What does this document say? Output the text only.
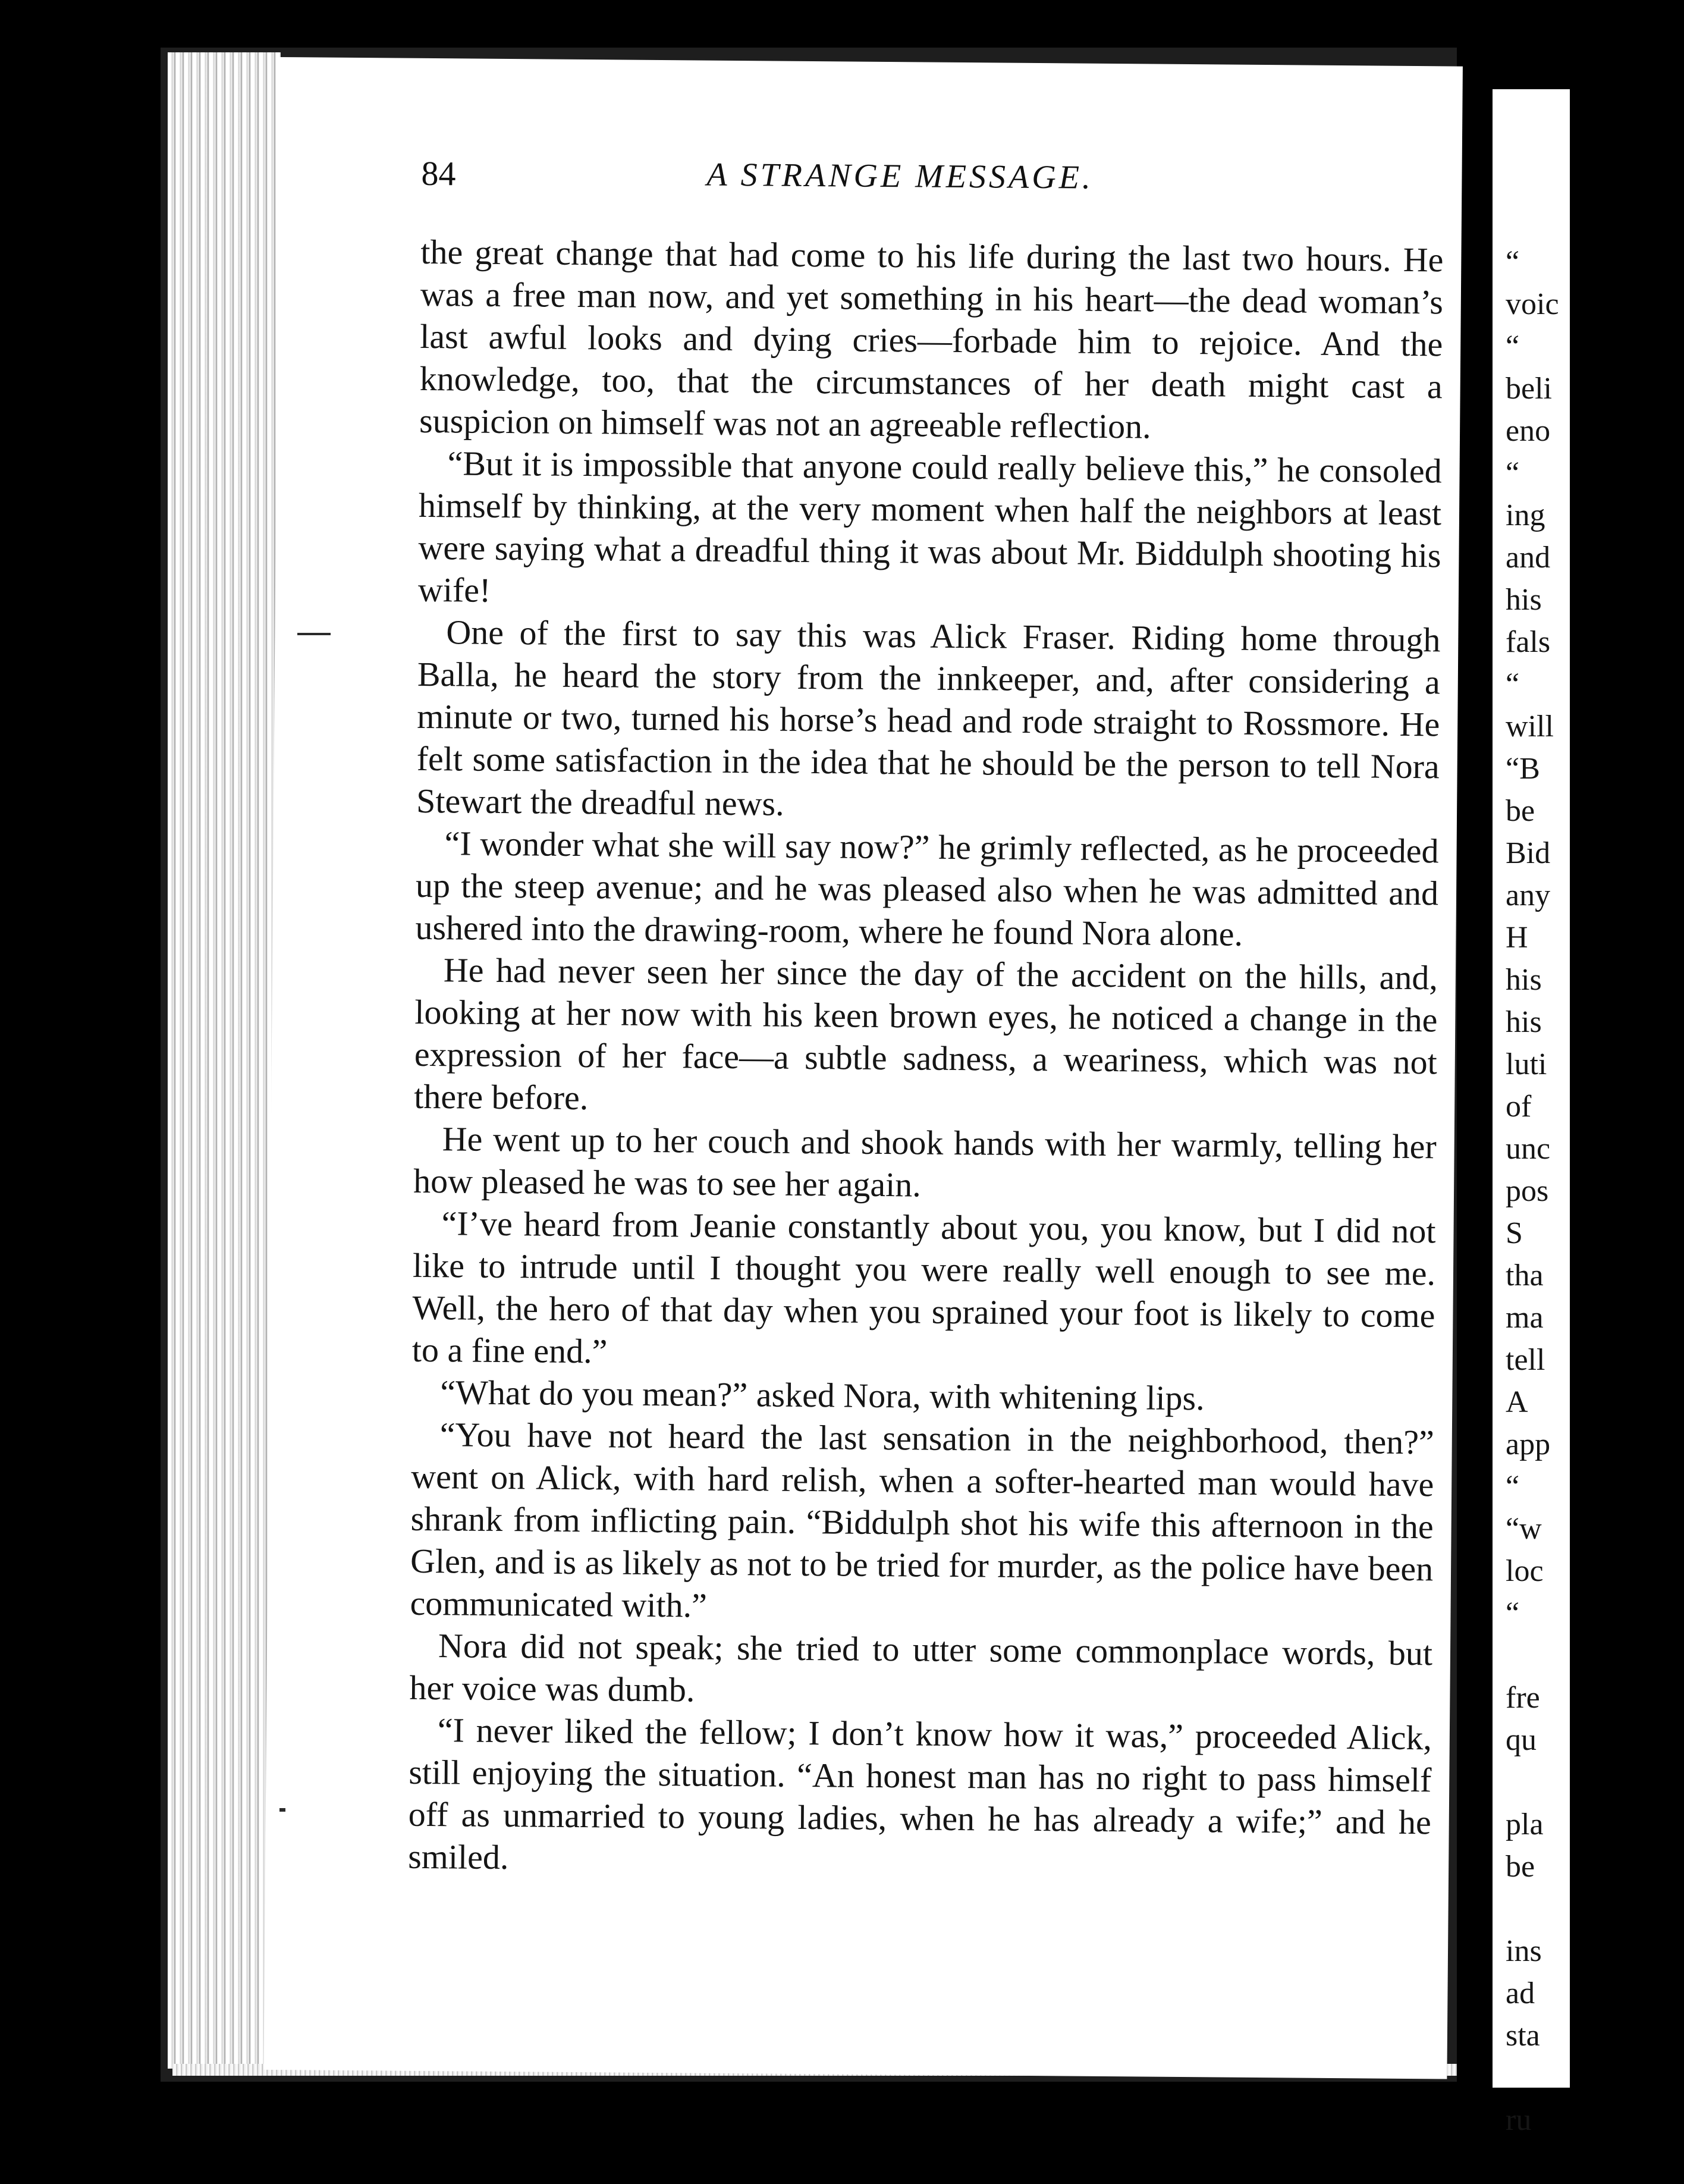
84	A STRANGE MESSAGE.

the great change that had come to his life during the last two hours. He was a free man now, and yet something in his heart—the dead woman’s last awful looks and dying cries—forbade him to rejoice. And the knowledge, too, that the circumstances of her death might cast a suspicion on himself was not an agreeable reflection.

“But it is impossible that anyone could really believe this,” he consoled himself by thinking, at the very moment when half the neighbors at least were saying what a dreadful thing it was about Mr. Biddulph shooting his wife!

One of the first to say this was Alick Fraser. Riding home through Balla, he heard the story from the innkeeper, and, after considering a minute or two, turned his horse’s head and rode straight to Rossmore. He felt some satisfaction in the idea that he should be the person to tell Nora Stewart the dreadful news.

“I wonder what she will say now?” he grimly reflected, as he proceeded up the steep avenue; and he was pleased also when he was admitted and ushered into the drawing-room, where he found Nora alone.

He had never seen her since the day of the accident on the hills, and, looking at her now with his keen brown eyes, he noticed a change in the expression of her face—a subtle sadness, a weariness, which was not there before.

He went up to her couch and shook hands with her warmly, telling her how pleased he was to see her again.

“I’ve heard from Jeanie constantly about you, you know, but I did not like to intrude until I thought you were really well enough to see me. Well, the hero of that day when you sprained your foot is likely to come to a fine end.”

“What do you mean?” asked Nora, with whitening lips.

“You have not heard the last sensation in the neighborhood, then?” went on Alick, with hard relish, when a softer-hearted man would have shrank from inflicting pain. “Biddulph shot his wife this afternoon in the Glen, and is as likely as not to be tried for murder, as the police have been communicated with.”

Nora did not speak; she tried to utter some commonplace words, but her voice was dumb.

“I never liked the fellow; I don’t know how it was,” proceeded Alick, still enjoying the situation. “An honest man has no right to pass himself off as unmarried to young ladies, when he has already a wife;” and he smiled.

“
voic
“
beli
eno
“
ing
and
his
fals
“
will
“B
be
Bid
any
H
his
his
luti
of
unc
pos
S
tha
ma
tell
A
app
“
“w
loc
“
fre
qu
pla
be
ins
ad
sta
ru
